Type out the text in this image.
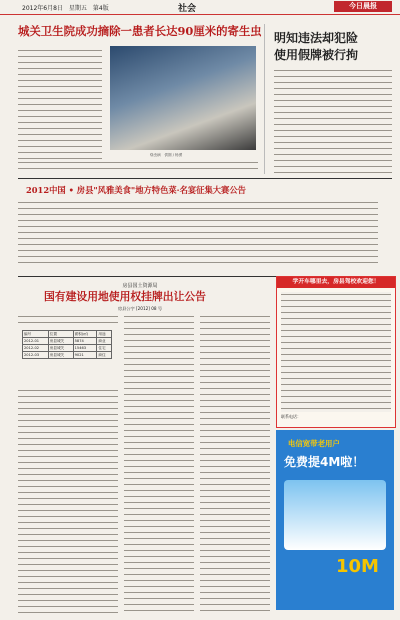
2012年6月8日　星期五　第4版	社会	今日晨报
城关卫生院成功摘除一患者长达90厘米的寄生虫
绦虫病　供图 / 杨勇
明知违法却犯险
使用假牌被行拘
2012中国 • 房县"风雅美食"地方特色菜·名宴征集大赛公告
房县国土资源局
国有建设用地使用权挂牌出让公告
房县公字 [2012] 08 号
编号	位置	面积(㎡)	用途
2012-01	房县城关	5874	商业
2012-02	房县城关	15463	住宅
2012-03	房县城关	9021	商住
学开车哪里去，房县驾校欢迎您！
联系电话：
电信宽带老用户
免费提4M啦！
10M
